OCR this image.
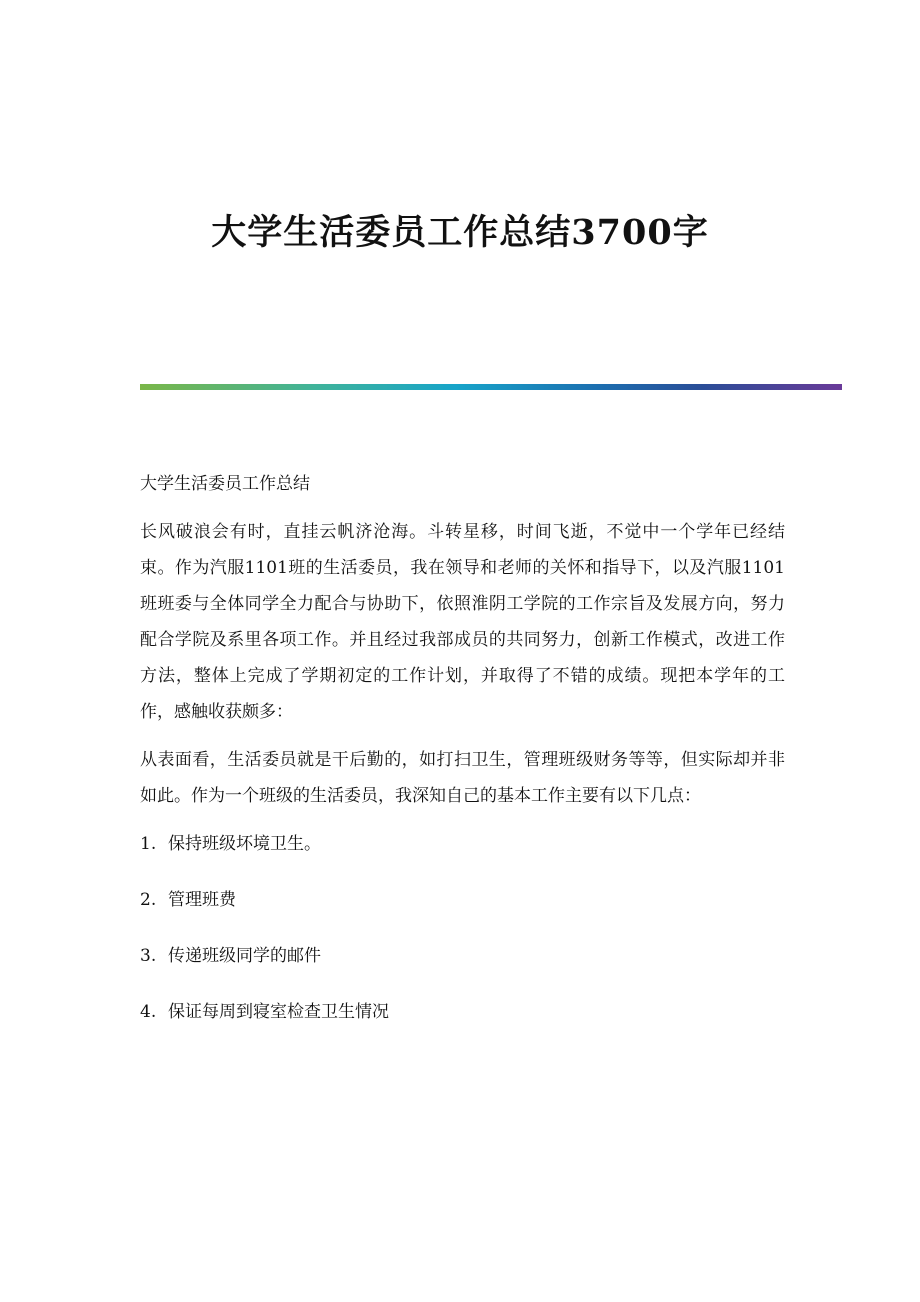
大学生活委员工作总结3700字

大学生活委员工作总结

长风破浪会有时，直挂云帆济沧海。斗转星移，时间飞逝，不觉中一个学年已经结束。作为汽服1101班的生活委员，我在领导和老师的关怀和指导下，以及汽服1101班班委与全体同学全力配合与协助下，依照淮阴工学院的工作宗旨及发展方向，努力配合学院及系里各项工作。并且经过我部成员的共同努力，创新工作模式，改进工作方法，整体上完成了学期初定的工作计划，并取得了不错的成绩。现把本学年的工作，感触收获颇多：

从表面看，生活委员就是干后勤的，如打扫卫生，管理班级财务等等，但实际却并非如此。作为一个班级的生活委员，我深知自己的基本工作主要有以下几点：

1. 保持班级坏境卫生。
2. 管理班费
3. 传递班级同学的邮件
4. 保证每周到寝室检查卫生情况
